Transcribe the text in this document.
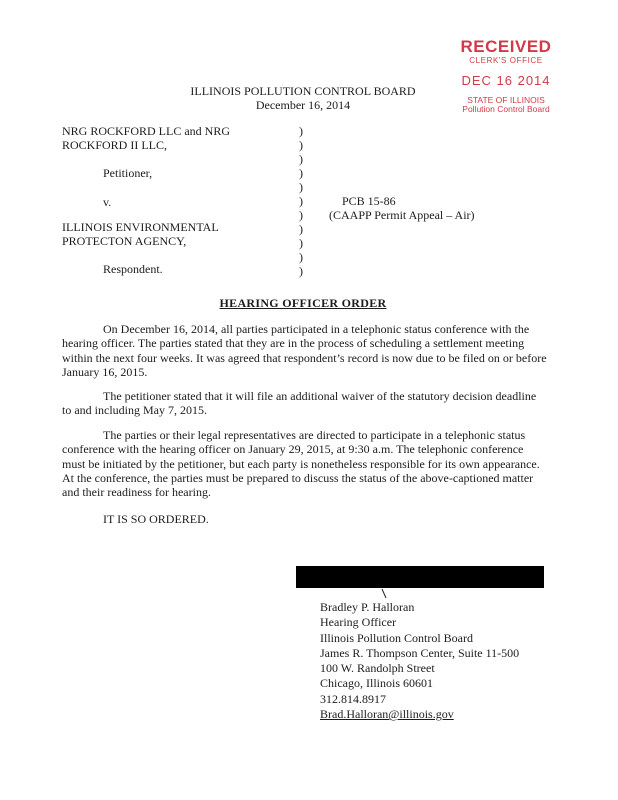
RECEIVED
CLERK'S OFFICE
DEC 16 2014
STATE OF ILLINOIS
Pollution Control Board
ILLINOIS POLLUTION CONTROL BOARD
December 16, 2014
NRG ROCKFORD LLC and NRG
ROCKFORD II LLC,
Petitioner,
v.
ILLINOIS ENVIRONMENTAL
PROTECTON AGENCY,
Respondent.
)
)
)
)
)
)
)
)
)
)
)
PCB 15-86
(CAAPP Permit Appeal – Air)
HEARING OFFICER ORDER
On December 16, 2014, all parties participated in a telephonic status conference with the hearing officer. The parties stated that they are in the process of scheduling a settlement meeting within the next four weeks. It was agreed that respondent’s record is now due to be filed on or before January 16, 2015.
The petitioner stated that it will file an additional waiver of the statutory decision deadline to and including May 7, 2015.
The parties or their legal representatives are directed to participate in a telephonic status conference with the hearing officer on January 29, 2015, at 9:30 a.m. The telephonic conference must be initiated by the petitioner, but each party is nonetheless responsible for its own appearance. At the conference, the parties must be prepared to discuss the status of the above-captioned matter and their readiness for hearing.
IT IS SO ORDERED.
Bradley P. Halloran
Hearing Officer
Illinois Pollution Control Board
James R. Thompson Center, Suite 11-500
100 W. Randolph Street
Chicago, Illinois 60601
312.814.8917
Brad.Halloran@illinois.gov
